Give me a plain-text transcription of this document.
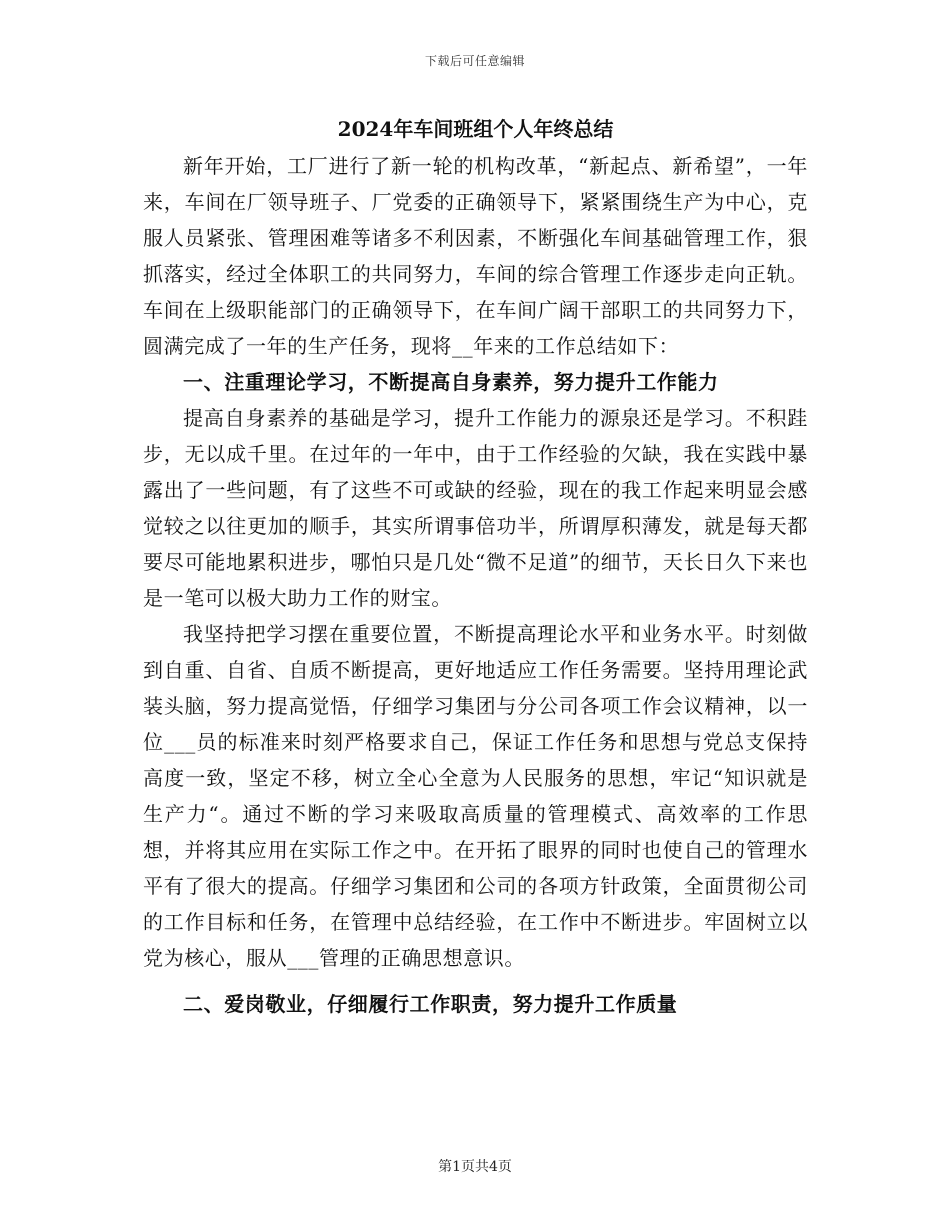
下载后可任意编辑
2024年车间班组个人年终总结

新年开始，工厂进行了新一轮的机构改革，“新起点、新希望”，一年来，车间在厂领导班子、厂党委的正确领导下，紧紧围绕生产为中心，克服人员紧张、管理困难等诸多不利因素，不断强化车间基础管理工作，狠抓落实，经过全体职工的共同努力，车间的综合管理工作逐步走向正轨。车间在上级职能部门的正确领导下，在车间广阔干部职工的共同努力下，圆满完成了一年的生产任务，现将__年来的工作总结如下：

一、注重理论学习，不断提高自身素养，努力提升工作能力

提高自身素养的基础是学习，提升工作能力的源泉还是学习。不积跬步，无以成千里。在过年的一年中，由于工作经验的欠缺，我在实践中暴露出了一些问题，有了这些不可或缺的经验，现在的我工作起来明显会感觉较之以往更加的顺手，其实所谓事倍功半，所谓厚积薄发，就是每天都要尽可能地累积进步，哪怕只是几处“微不足道”的细节，天长日久下来也是一笔可以极大助力工作的财宝。

我坚持把学习摆在重要位置，不断提高理论水平和业务水平。时刻做到自重、自省、自质不断提高，更好地适应工作任务需要。坚持用理论武装头脑，努力提高觉悟，仔细学习集团与分公司各项工作会议精神，以一位___员的标准来时刻严格要求自己，保证工作任务和思想与党总支保持高度一致，坚定不移，树立全心全意为人民服务的思想，牢记“知识就是生产力“。通过不断的学习来吸取高质量的管理模式、高效率的工作思想，并将其应用在实际工作之中。在开拓了眼界的同时也使自己的管理水平有了很大的提高。仔细学习集团和公司的各项方针政策，全面贯彻公司的工作目标和任务，在管理中总结经验，在工作中不断进步。牢固树立以党为核心，服从___管理的正确思想意识。

二、爱岗敬业，仔细履行工作职责，努力提升工作质量

第1页共4页
